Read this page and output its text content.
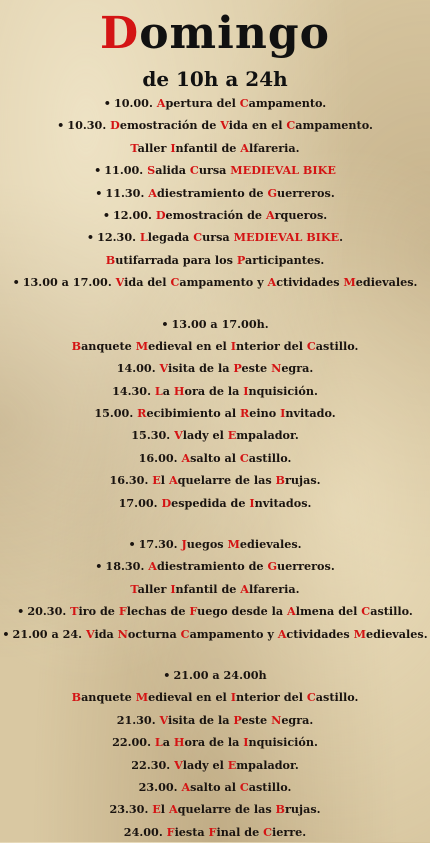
Domingo
de 10h a 24h
• 10.00. Apertura del Campamento.
• 10.30. Demostración de Vida en el Campamento.
Taller Infantil de Alfareria.
• 11.00. Salida Cursa MEDIEVAL BIKE
• 11.30. Adiestramiento de Guerreros.
• 12.00. Demostración de Arqueros.
• 12.30. Llegada Cursa MEDIEVAL BIKE.
Butifarrada para los Participantes.
• 13.00 a 17.00. Vida del Campamento y Actividades Medievales.
• 13.00 a 17.00h.
Banquete Medieval en el Interior del Castillo.
14.00. Visita de la Peste Negra.
14.30. La Hora de la Inquisición.
15.00. Recibimiento al Reino Invitado.
15.30. Vlady el Empalador.
16.00. Asalto al Castillo.
16.30. El Aquelarre de las Brujas.
17.00. Despedida de Invitados.
• 17.30. Juegos Medievales.
• 18.30. Adiestramiento de Guerreros.
Taller Infantil de Alfareria.
• 20.30. Tiro de Flechas de Fuego desde la Almena del Castillo.
• 21.00 a 24. Vida Nocturna Campamento y Actividades Medievales.
• 21.00 a 24.00h
Banquete Medieval en el Interior del Castillo.
21.30. Visita de la Peste Negra.
22.00. La Hora de la Inquisición.
22.30. Vlady el Empalador.
23.00. Asalto al Castillo.
23.30. El Aquelarre de las Brujas.
24.00. Fiesta Final de Cierre.
